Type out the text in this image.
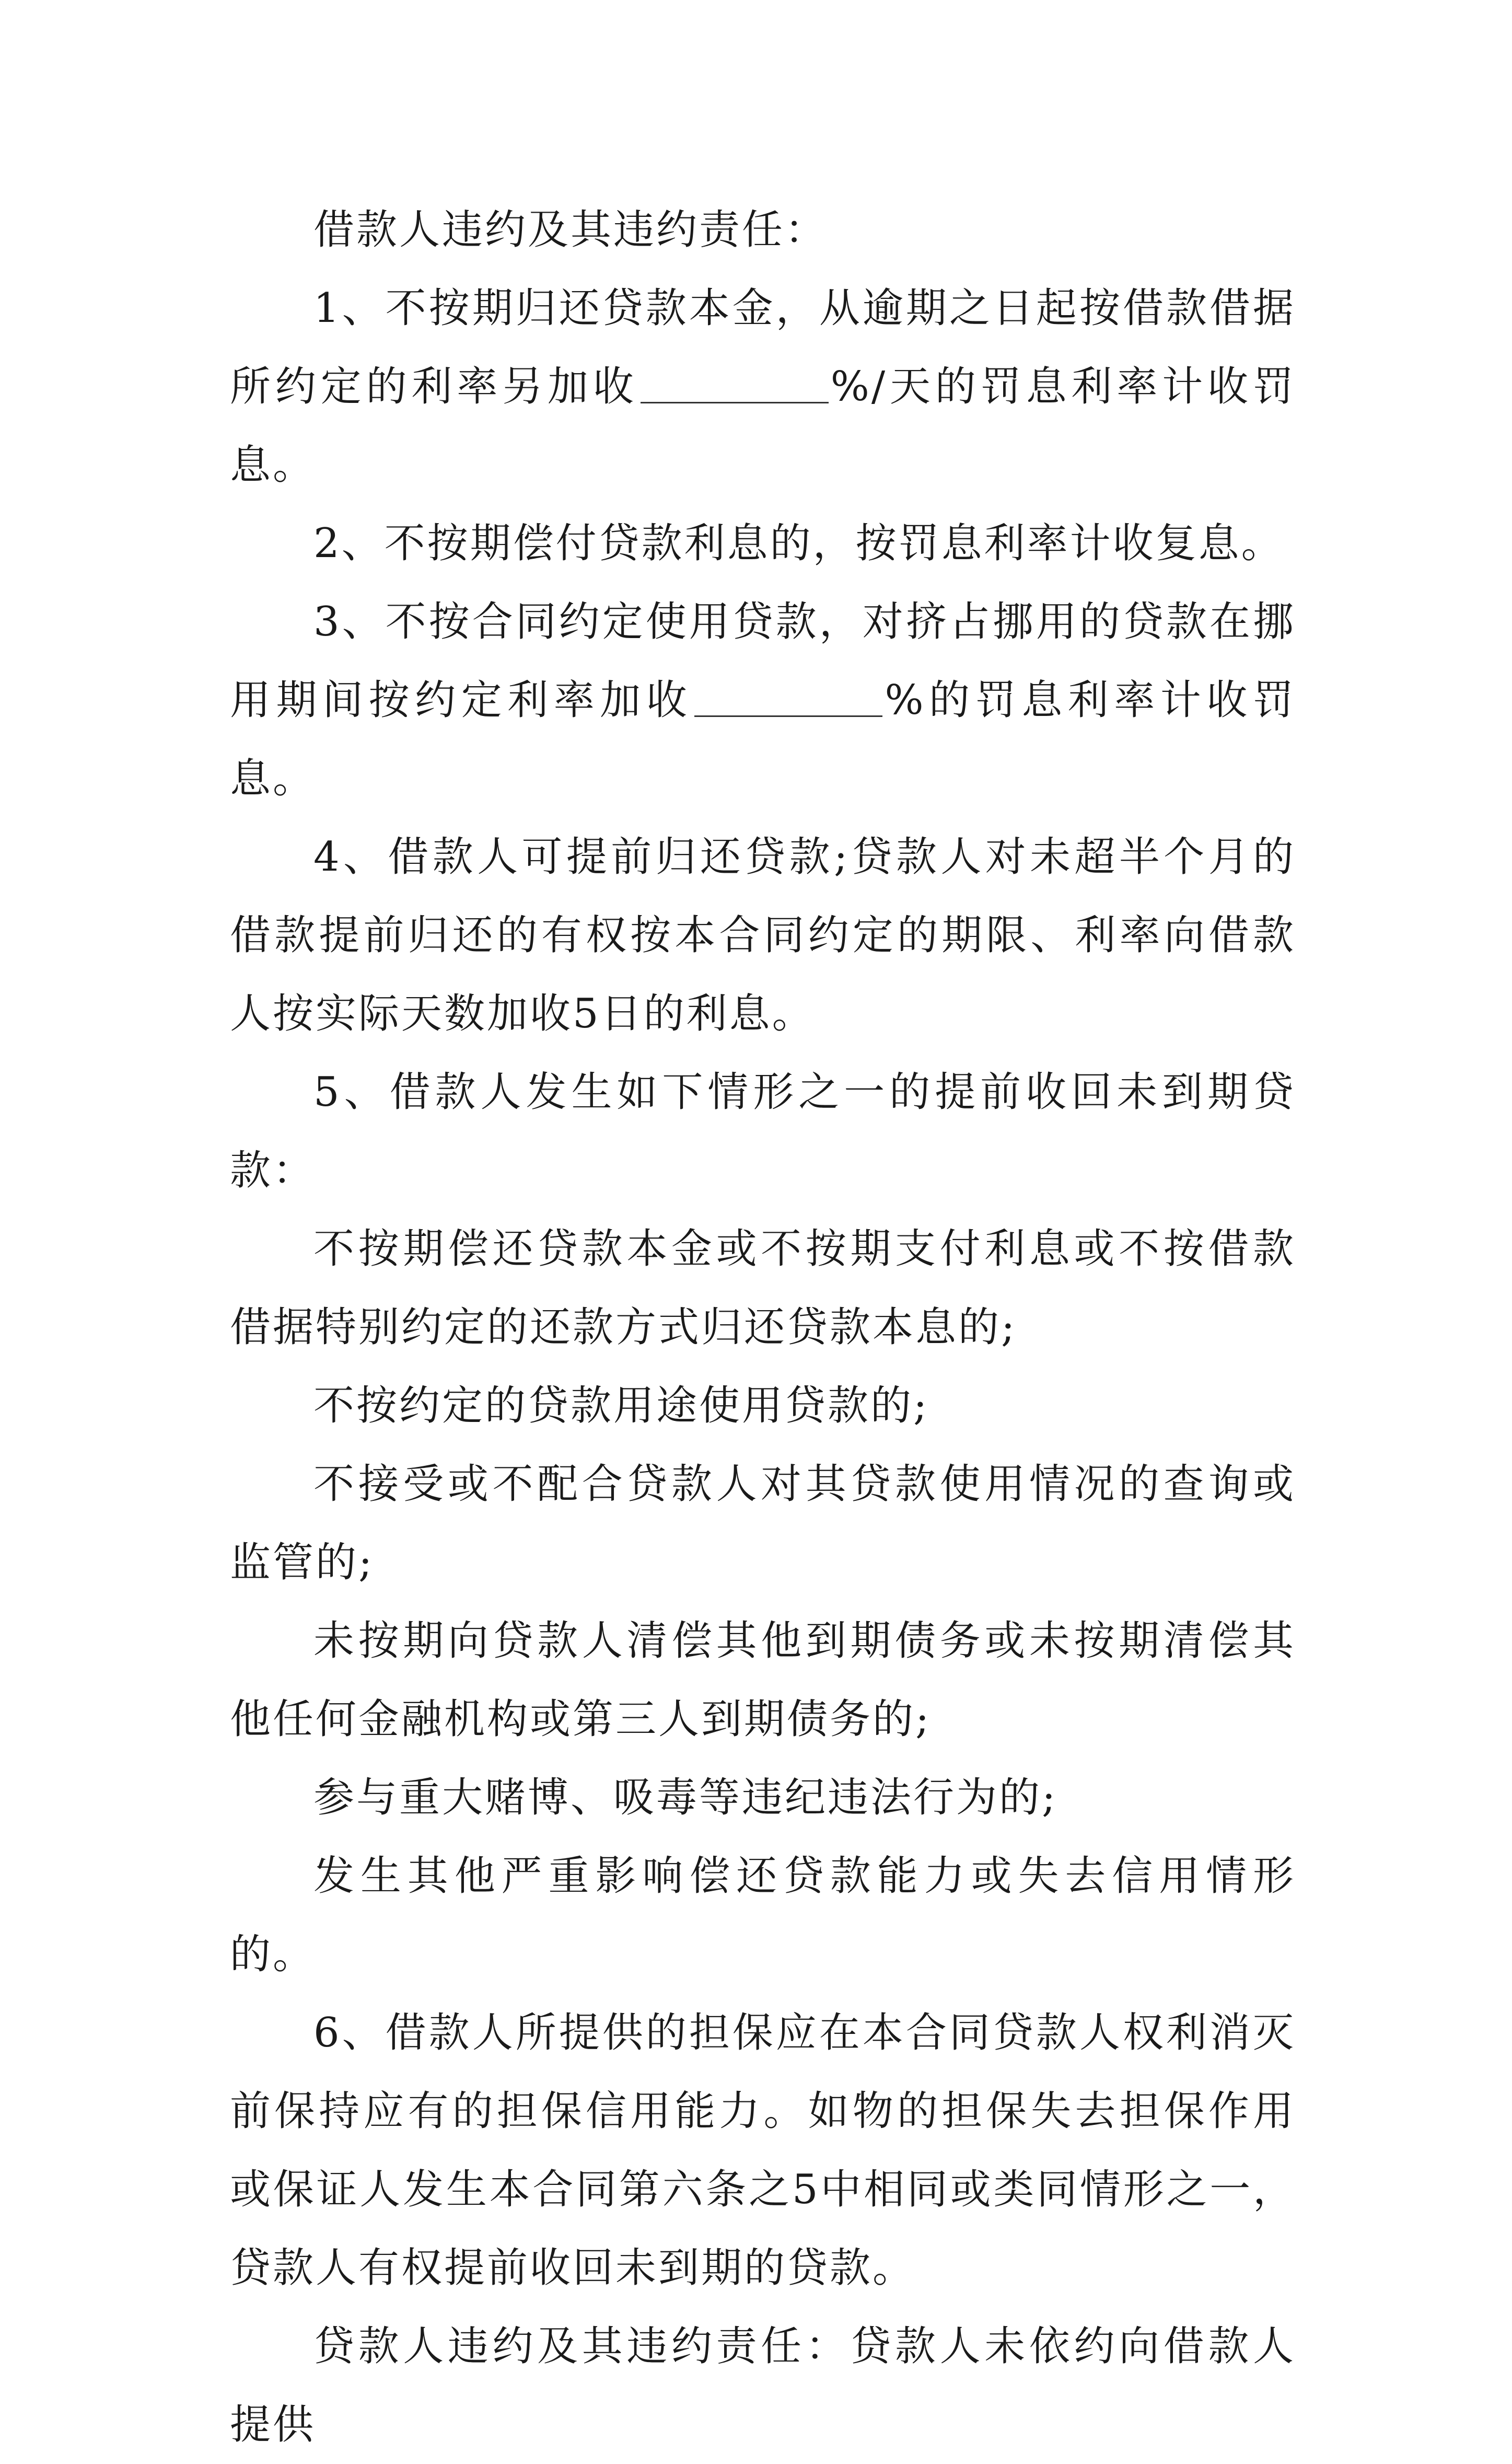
借款人违约及其违约责任：

1、不按期归还贷款本金，从逾期之日起按借款借据所约定的利率另加收	%/天的罚息利率计收罚息。

2、不按期偿付贷款利息的，按罚息利率计收复息。

3、不按合同约定使用贷款，对挤占挪用的贷款在挪用期间按约定利率加收	%的罚息利率计收罚息。

4、借款人可提前归还贷款;贷款人对未超半个月的借款提前归还的有权按本合同约定的期限、利率向借款人按实际天数加收5日的利息。

5、借款人发生如下情形之一的提前收回未到期贷款：

不按期偿还贷款本金或不按期支付利息或不按借款借据特别约定的还款方式归还贷款本息的;

不按约定的贷款用途使用贷款的;

不接受或不配合贷款人对其贷款使用情况的查询或监管的;

未按期向贷款人清偿其他到期债务或未按期清偿其他任何金融机构或第三人到期债务的;

参与重大赌博、吸毒等违纪违法行为的;

发生其他严重影响偿还贷款能力或失去信用情形的。

6、借款人所提供的担保应在本合同贷款人权利消灭前保持应有的担保信用能力。如物的担保失去担保作用或保证人发生本合同第六条之5中相同或类同情形之一，贷款人有权提前收回未到期的贷款。

贷款人违约及其违约责任：贷款人未依约向借款人提供
